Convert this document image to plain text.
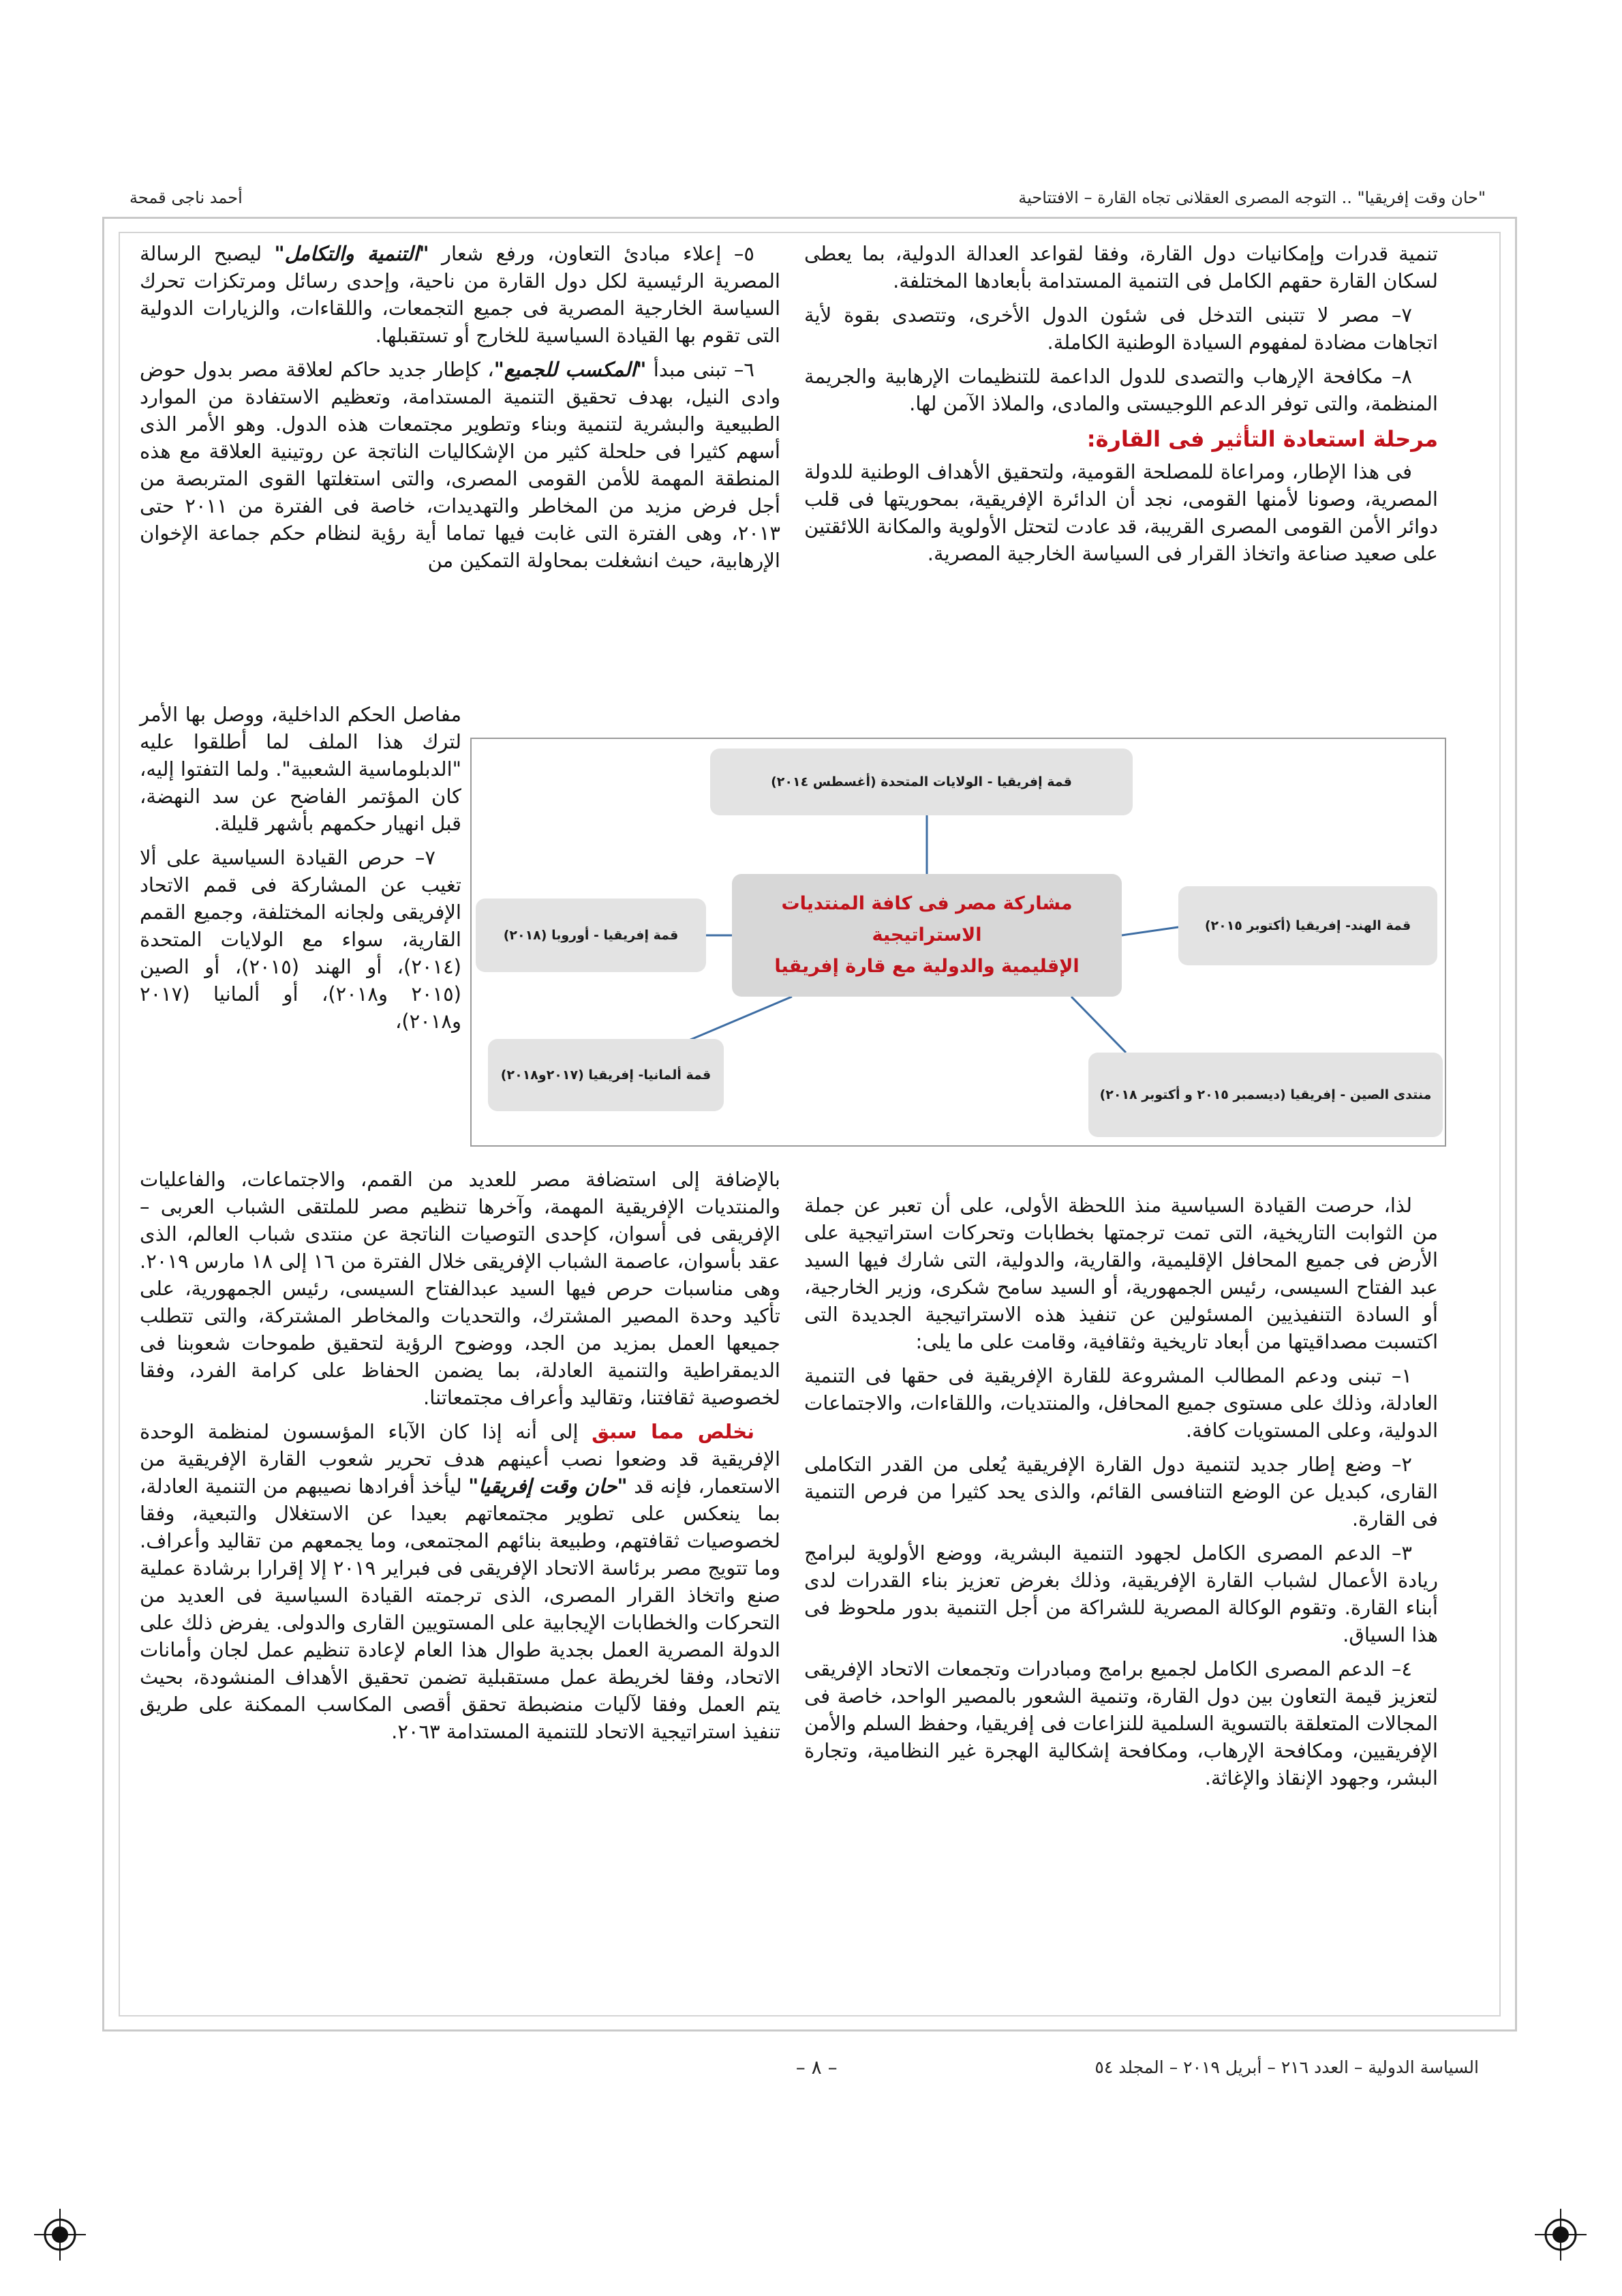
أحمد ناجى قمحة	"حان وقت إفريقيا" .. التوجه المصرى العقلانى تجاه القارة – الافتتاحية

تنمية قدرات وإمكانيات دول القارة، وفقا لقواعد العدالة الدولية، بما يعطى لسكان القارة حقهم الكامل فى التنمية المستدامة بأبعادها المختلفة.

٧– مصر لا تتبنى التدخل فى شئون الدول الأخرى، وتتصدى بقوة لأية اتجاهات مضادة لمفهوم السيادة الوطنية الكاملة.

٨– مكافحة الإرهاب والتصدى للدول الداعمة للتنظيمات الإرهابية والجريمة المنظمة، والتى توفر الدعم اللوجيستى والمادى، والملاذ الآمن لها.

مرحلة استعادة التأثير فى القارة:

فى هذا الإطار، ومراعاة للمصلحة القومية، ولتحقيق الأهداف الوطنية للدولة المصرية، وصونا لأمنها القومى، نجد أن الدائرة الإفريقية، بمحوريتها فى قلب دوائر الأمن القومى المصرى القريبة، قد عادت لتحتل الأولوية والمكانة اللائقتين على صعيد صناعة واتخاذ القرار فى السياسة الخارجية المصرية.

٥– إعلاء مبادئ التعاون، ورفع شعار "التنمية والتكامل" ليصبح الرسالة المصرية الرئيسية لكل دول القارة من ناحية، وإحدى رسائل ومرتكزات تحرك السياسة الخارجية المصرية فى جميع التجمعات، واللقاءات، والزيارات الدولية التى تقوم بها القيادة السياسية للخارج أو تستقبلها.

٦– تبنى مبدأ "المكسب للجميع"، كإطار جديد حاكم لعلاقة مصر بدول حوض وادى النيل، بهدف تحقيق التنمية المستدامة، وتعظيم الاستفادة من الموارد الطبيعية والبشرية لتنمية وبناء وتطوير مجتمعات هذه الدول. وهو الأمر الذى أسهم كثيرا فى حلحلة كثير من الإشكاليات الناتجة عن روتينية العلاقة مع هذه المنطقة المهمة للأمن القومى المصرى، والتى استغلتها القوى المتربصة من أجل فرض مزيد من المخاطر والتهديدات، خاصة فى الفترة من ٢٠١١ حتى ٢٠١٣، وهى الفترة التى غابت فيها تماما أية رؤية لنظام حكم جماعة الإخوان الإرهابية، حيث انشغلت بمحاولة التمكين من

مفاصل الحكم الداخلية، ووصل بها الأمر لترك هذا الملف لما أطلقوا عليه "الدبلوماسية الشعبية". ولما التفتوا إليه، كان المؤتمر الفاضح عن سد النهضة، قبل انهيار حكمهم بأشهر قليلة.

٧– حرص القيادة السياسية على ألا تغيب عن المشاركة فى قمم الاتحاد الإفريقى ولجانه المختلفة، وجميع القمم القارية، سواء مع الولايات المتحدة (٢٠١٤)، أو الهند (٢٠١٥)، أو الصين (٢٠١٥ و٢٠١٨)، أو ألمانيا (٢٠١٧ و٢٠١٨)،

قمة إفريقيا - الولايات المتحدة (أغسطس ٢٠١٤)
قمة الهند- إفريقيا (أكتوبر ٢٠١٥)
قمة إفريقيا - أوروبا (٢٠١٨)
مشاركة مصر فى كافة المنتديات الاستراتيجية
الإقليمية والدولية مع قارة إفريقيا
منتدى الصين - إفريقيا (ديسمبر ٢٠١٥ و أكتوبر ٢٠١٨)
قمة ألمانيا- إفريقيا (٢٠١٧و٢٠١٨)

بالإضافة إلى استضافة مصر للعديد من القمم، والاجتماعات، والفاعليات والمنتديات الإفريقية المهمة، وآخرها تنظيم مصر للملتقى الشباب العربى – الإفريقى فى أسوان، كإحدى التوصيات الناتجة عن منتدى شباب العالم، الذى عقد بأسوان، عاصمة الشباب الإفريقى خلال الفترة من ١٦ إلى ١٨ مارس ٢٠١٩. وهى مناسبات حرص فيها السيد عبدالفتاح السيسى، رئيس الجمهورية، على تأكيد وحدة المصير المشترك، والتحديات والمخاطر المشتركة، والتى تتطلب جميعها العمل بمزيد من الجد، ووضوح الرؤية لتحقيق طموحات شعوبنا فى الديمقراطية والتنمية العادلة، بما يضمن الحفاظ على كرامة الفرد، وفقا لخصوصية ثقافتنا، وتقاليد وأعراف مجتمعاتنا.

نخلص مما سبق إلى أنه إذا كان الآباء المؤسسون لمنظمة الوحدة الإفريقية قد وضعوا نصب أعينهم هدف تحرير شعوب القارة الإفريقية من الاستعمار، فإنه قد "حان وقت إفريقيا" ليأخذ أفرادها نصيبهم من التنمية العادلة، بما ينعكس على تطوير مجتمعاتهم بعيدا عن الاستغلال والتبعية، وفقا لخصوصيات ثقافتهم، وطبيعة بنائهم المجتمعى، وما يجمعهم من تقاليد وأعراف. وما تتويج مصر برئاسة الاتحاد الإفريقى فى فبراير ٢٠١٩ إلا إقرارا برشادة عملية صنع واتخاذ القرار المصرى، الذى ترجمته القيادة السياسية فى العديد من التحركات والخطابات الإيجابية على المستويين القارى والدولى. يفرض ذلك على الدولة المصرية العمل بجدية طوال هذا العام لإعادة تنظيم عمل لجان وأمانات الاتحاد، وفقا لخريطة عمل مستقبلية تضمن تحقيق الأهداف المنشودة، بحيث يتم العمل وفقا لآليات منضبطة تحقق أقصى المكاسب الممكنة على طريق تنفيذ استراتيجية الاتحاد للتنمية المستدامة ٢٠٦٣.

لذا، حرصت القيادة السياسية منذ اللحظة الأولى، على أن تعبر عن جملة من الثوابت التاريخية، التى تمت ترجمتها بخطابات وتحركات استراتيجية على الأرض فى جميع المحافل الإقليمية، والقارية، والدولية، التى شارك فيها السيد عبد الفتاح السيسى، رئيس الجمهورية، أو السيد سامح شكرى، وزير الخارجية، أو السادة التنفيذيين المسئولين عن تنفيذ هذه الاستراتيجية الجديدة التى اكتسبت مصداقيتها من أبعاد تاريخية وثقافية، وقامت على ما يلى:

١– تبنى ودعم المطالب المشروعة للقارة الإفريقية فى حقها فى التنمية العادلة، وذلك على مستوى جميع المحافل، والمنتديات، واللقاءات، والاجتماعات الدولية، وعلى المستويات كافة.

٢– وضع إطار جديد لتنمية دول القارة الإفريقية يُعلى من القدر التكاملى القارى، كبديل عن الوضع التنافسى القائم، والذى يحد كثيرا من فرص التنمية فى القارة.

٣– الدعم المصرى الكامل لجهود التنمية البشرية، ووضع الأولوية لبرامج ريادة الأعمال لشباب القارة الإفريقية، وذلك بغرض تعزيز بناء القدرات لدى أبناء القارة. وتقوم الوكالة المصرية للشراكة من أجل التنمية بدور ملحوظ فى هذا السياق.

٤– الدعم المصرى الكامل لجميع برامج ومبادرات وتجمعات الاتحاد الإفريقى لتعزيز قيمة التعاون بين دول القارة، وتنمية الشعور بالمصير الواحد، خاصة فى المجالات المتعلقة بالتسوية السلمية للنزاعات فى إفريقيا، وحفظ السلم والأمن الإفريقيين، ومكافحة الإرهاب، ومكافحة إشكالية الهجرة غير النظامية، وتجارة البشر، وجهود الإنقاذ والإغاثة.

– ٨ –	السياسة الدولية – العدد ٢١٦ – أبريل ٢٠١٩ – المجلد ٥٤
